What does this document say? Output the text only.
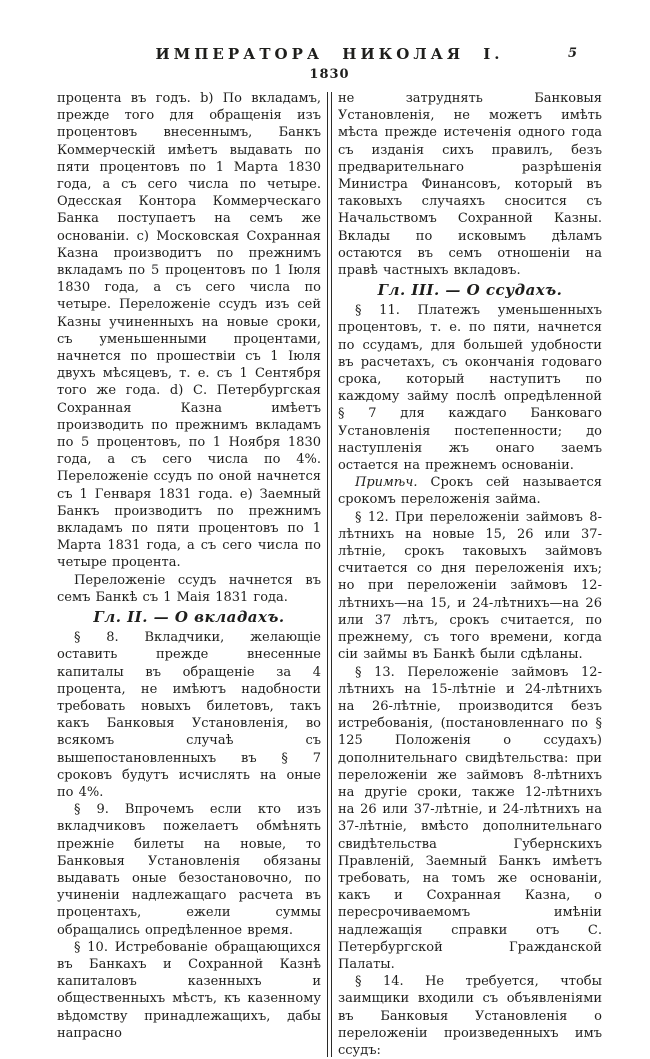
ИМПЕРАТОРА НИКОЛАЯ I.	5
1830

процента въ годъ. b) По вкладамъ, прежде того для обращенія изъ процентовъ внесеннымъ, Банкъ Коммерческій имѣетъ выдавать по пяти процентовъ по 1 Марта 1830 года, а съ сего числа по четыре. Одесская Контора Коммерческаго Банка поступаетъ на семъ же основаніи. c) Московская Сохранная Казна производитъ по прежнимъ вкладамъ по 5 процентовъ по 1 Іюля 1830 года, а съ сего числа по четыре. Переложеніе ссудъ изъ сей Казны учиненныхъ на новые сроки, съ уменьшенными процентами, начнется по прошествіи съ 1 Іюля двухъ мѣсяцевъ, т. е. съ 1 Сентября того же года. d) С. Петербургская Сохранная Казна имѣетъ производить по прежнимъ вкладамъ по 5 процентовъ, по 1 Ноября 1830 года, а съ сего числа по 4%. Переложеніе ссудъ по оной начнется съ 1 Генваря 1831 года. е) Заемный Банкъ производитъ по прежнимъ вкладамъ по пяти процентовъ по 1 Марта 1831 года, а съ сего числа по четыре процента.

Переложеніе ссудъ начнется въ семъ Банкѣ съ 1 Маія 1831 года.

Гл. II. — О вкладахъ.

§ 8. Вкладчики, желающіе оставить прежде внесенные капиталы въ обращеніе за 4 процента, не имѣютъ надобности требовать новыхъ билетовъ, такъ какъ Банковыя Установленія, во всякомъ случаѣ съ вышепостановленныхъ въ § 7 сроковъ будутъ исчислять на оные по 4%.

§ 9. Впрочемъ если кто изъ вкладчиковъ пожелаетъ обмѣнять прежніе билеты на новые, то Банковыя Установленія обязаны выдавать оные безостановочно, по учиненіи надлежащаго расчета въ процентахъ, ежели суммы обращались опредѣленное время.

§ 10. Истребованіе обращающихся въ Банкахъ и Сохранной Казнѣ капиталовъ казенныхъ и общественныхъ мѣстъ, къ казенному вѣдомству принадлежащихъ, дабы напрасно

не затруднять Банковыя Установленія, не можетъ имѣть мѣста прежде истеченія одного года съ изданія сихъ правилъ, безъ предварительнаго разрѣшенія Министра Финансовъ, который въ таковыхъ случаяхъ сносится съ Начальствомъ Сохранной Казны. Вклады по исковымъ дѣламъ остаются въ семъ отношеніи на правѣ частныхъ вкладовъ.

Гл. III. — О ссудахъ.

§ 11. Платежъ уменьшенныхъ процентовъ, т. е. по пяти, начнется по ссудамъ, для большей удобности въ расчетахъ, съ окончанія годоваго срока, который наступитъ по каждому займу послѣ опредѣленной § 7 для каждаго Банковаго Установленія постепенности; до наступленія жъ онаго заемъ остается на прежнемъ основаніи.

Примѣч. Срокъ сей называется срокомъ переложенія займа.

§ 12. При переложеніи займовъ 8-лѣтнихъ на новые 15, 26 или 37-лѣтніе, срокъ таковыхъ займовъ считается со дня переложенія ихъ; но при переложеніи займовъ 12-лѣтнихъ—на 15, и 24-лѣтнихъ—на 26 или 37 лѣтъ, срокъ считается, по прежнему, съ того времени, когда сіи займы въ Банкѣ были сдѣланы.

§ 13. Переложеніе займовъ 12-лѣтнихъ на 15-лѣтніе и 24-лѣтнихъ на 26-лѣтніе, производится безъ истребованія, (постановленнаго по § 125 Положенія о ссудахъ) дополнительнаго свидѣтельства: при переложеніи же займовъ 8-лѣтнихъ на другіе сроки, также 12-лѣтнихъ на 26 или 37-лѣтніе, и 24-лѣтнихъ на 37-лѣтніе, вмѣсто дополнительнаго свидѣтельства Губернскихъ Правленій, Заемный Банкъ имѣетъ требовать, на томъ же основаніи, какъ и Сохранная Казна, о пересрочиваемомъ имѣніи надлежащія справки отъ С. Петербургской Гражданской Палаты.

§ 14. Не требуется, чтобы заимщики входили съ объявленіями въ Банковыя Установленія о переложеніи произведенныхъ имъ ссудъ:
